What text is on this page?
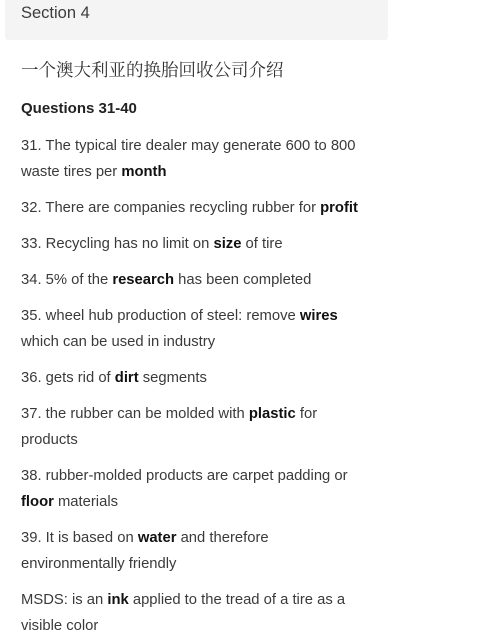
Section 4
一个澳大利亚的换胎回收公司介绍
Questions 31-40
31. The typical tire dealer may generate 600 to 800 waste tires per month
32. There are companies recycling rubber for profit
33. Recycling has no limit on size of tire
34. 5% of the research has been completed
35. wheel hub production of steel: remove wires which can be used in industry
36. gets rid of dirt segments
37. the rubber can be molded with plastic for products
38. rubber-molded products are carpet padding or floor materials
39. It is based on water and therefore environmentally friendly
MSDS: is an ink applied to the tread of a tire as a visible color
